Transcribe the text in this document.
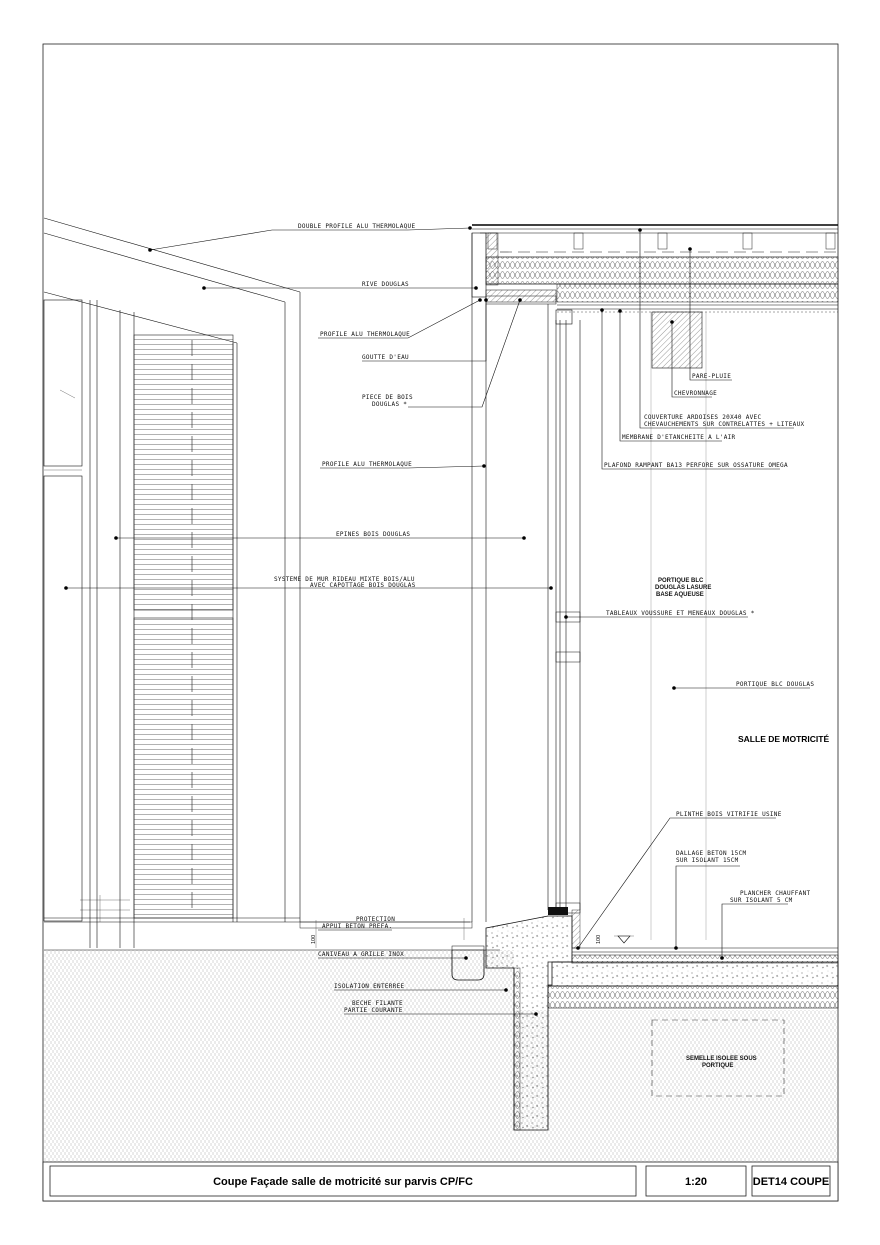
DOUBLE PROFILE ALU THERMOLAQUE
RIVE DOUGLAS
PROFILE ALU THERMOLAQUE
GOUTTE D'EAU
PIECE DE BOIS
DOUGLAS *
PROFILE ALU THERMOLAQUE
EPINES BOIS DOUGLAS
SYSTEME DE MUR RIDEAU MIXTE BOIS/ALU
AVEC CAPOTTAGE BOIS DOUGLAS
PARE-PLUIE
CHEVRONNAGE
COUVERTURE ARDOISES 20X40 AVEC
CHEVAUCHEMENTS SUR CONTRELATTES + LITEAUX
MEMBRANE D'ETANCHEITE A L'AIR
PLAFOND RAMPANT BA13 PERFORE SUR OSSATURE OMEGA
PORTIQUE BLC
DOUGLAS LASURE
BASE AQUEUSE
TABLEAUX VOUSSURE ET MENEAUX DOUGLAS *
PORTIQUE BLC DOUGLAS
SALLE DE MOTRICITÉ
PLINTHE BOIS VITRIFIE USINE
DALLAGE BETON 15CM
SUR ISOLANT 15CM
PLANCHER CHAUFFANT
SUR ISOLANT 5 CM
PROTECTION
APPUI BETON PREFA.
CANIVEAU A GRILLE INOX
ISOLATION ENTERREE
BECHE FILANTE
PARTIE COURANTE
SEMELLE ISOLEE SOUS
PORTIQUE
100	100
Coupe Façade salle de motricité sur parvis CP/FC	1:20	DET14 COUPE
